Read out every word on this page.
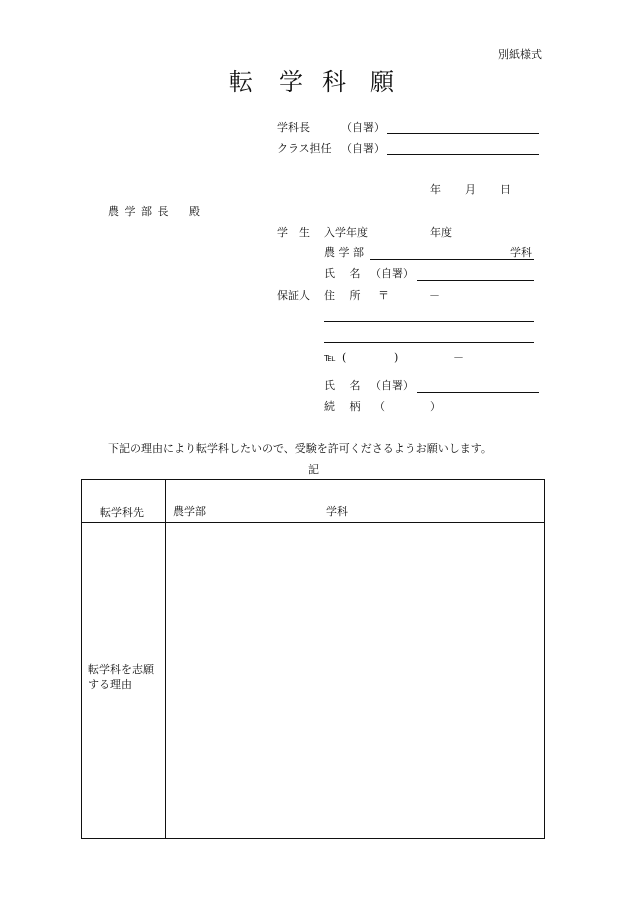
別紙様式
転 学 科 願
学科長	（自署）
クラス担任 （自署）
年 月 日
農 学 部 長 殿
学　生 入学年度	年度
農 学 部	学科
氏　 名 （自署）
保証人 住　 所 〒	－
℡ (	)	－
氏　 名 （自署）
続　 柄 （	）
下記の理由により転学科したいので、受験を許可くださるようお願いします。
記
転学科先	農学部 学科

転学科を志願
する理由	
